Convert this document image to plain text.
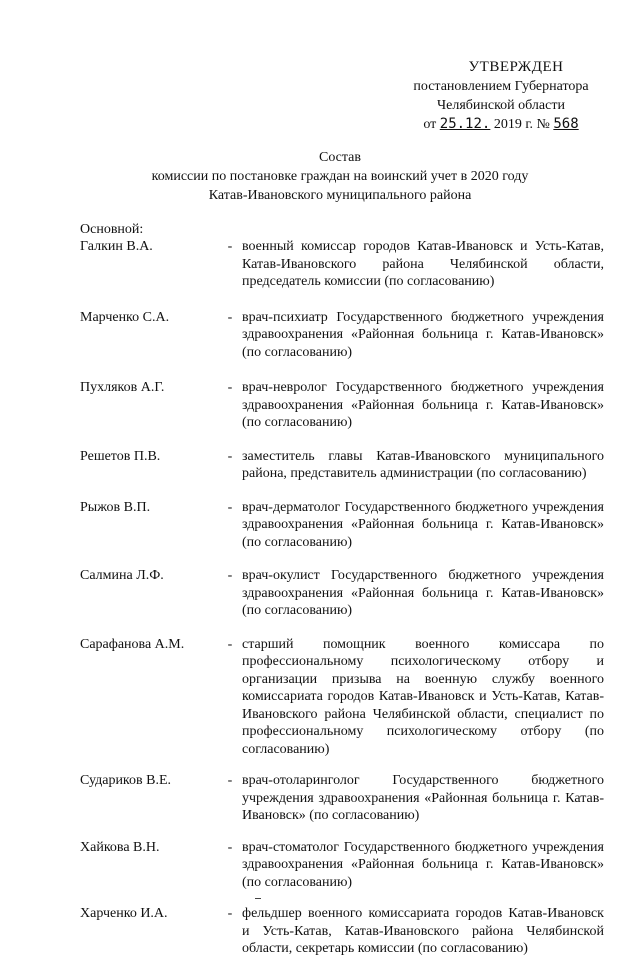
УТВЕРЖДЕН
постановлением Губернатора
Челябинской области
от 25.12. 2019 г. № 568
Состав
комиссии по постановке граждан на воинский учет в 2020 году
Катав-Ивановского муниципального района
Основной:
Галкин В.А.	- военный комиссар городов Катав-Ивановск и Усть-Катав, Катав-Ивановского района Челябинской области, председатель комиссии (по согласованию)
Марченко С.А.	- врач-психиатр Государственного бюджетного учреждения здравоохранения «Районная больница г. Катав-Ивановск» (по согласованию)
Пухляков А.Г.	- врач-невролог Государственного бюджетного учреждения здравоохранения «Районная больница г. Катав-Ивановск» (по согласованию)
Решетов П.В.	- заместитель главы Катав-Ивановского муниципального района, представитель администрации (по согласованию)
Рыжов В.П.	- врач-дерматолог Государственного бюджетного учреждения здравоохранения «Районная больница г. Катав-Ивановск» (по согласованию)
Салмина Л.Ф.	- врач-окулист Государственного бюджетного учреждения здравоохранения «Районная больница г. Катав-Ивановск» (по согласованию)
Сарафанова А.М.	- старший помощник военного комиссара по профессиональному психологическому отбору и организации призыва на военную службу военного комиссариата городов Катав-Ивановск и Усть-Катав, Катав-Ивановского района Челябинской области, специалист по профессиональному психологическому отбору (по согласованию)
Судариков В.Е.	- врач-отоларинголог Государственного бюджетного учреждения здравоохранения «Районная больница г. Катав-Ивановск» (по согласованию)
Хайкова В.Н.	- врач-стоматолог Государственного бюджетного учреждения здравоохранения «Районная больница г. Катав-Ивановск» (по согласованию)
Харченко И.А.	- фельдшер военного комиссариата городов Катав-Ивановск и Усть-Катав, Катав-Ивановского района Челябинской области, секретарь комиссии (по согласованию)
